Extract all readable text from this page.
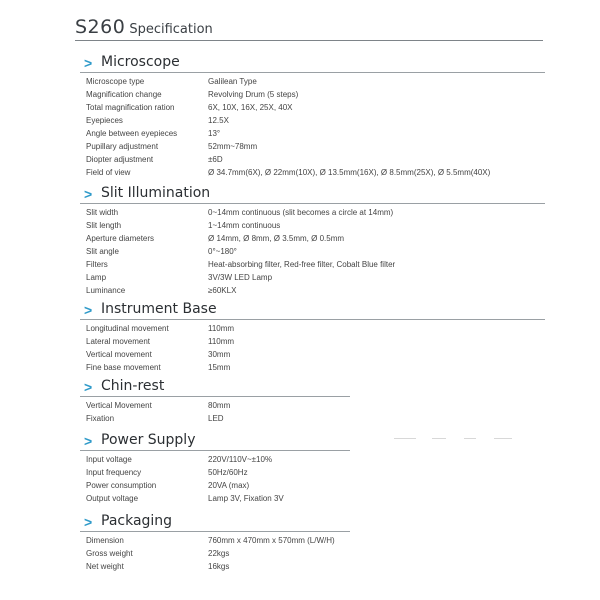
S260 Specification
> Microscope
Microscope type	Galilean Type
Magnification change	Revolving Drum (5 steps)
Total magnification ration	6X, 10X, 16X, 25X, 40X
Eyepieces	12.5X
Angle between eyepieces	13°
Pupillary adjustment	52mm~78mm
Diopter adjustment	±6D
Field of view	Ø 34.7mm(6X), Ø 22mm(10X), Ø 13.5mm(16X), Ø 8.5mm(25X), Ø 5.5mm(40X)
> Slit Illumination
Slit width	0~14mm continuous (slit becomes a circle at 14mm)
Slit length	1~14mm continuous
Aperture diameters	Ø 14mm, Ø 8mm, Ø 3.5mm, Ø 0.5mm
Slit angle	0°~180°
Filters	Heat-absorbing filter, Red-free filter, Cobalt Blue filter
Lamp	3V/3W LED Lamp
Luminance	≥60KLX
> Instrument Base
Longitudinal movement	110mm
Lateral movement	110mm
Vertical movement	30mm
Fine base movement	15mm
> Chin-rest
Vertical Movement	80mm
Fixation	LED
> Power Supply
Input voltage	220V/110V~±10%
Input frequency	50Hz/60Hz
Power consumption	20VA (max)
Output voltage	Lamp 3V, Fixation 3V
> Packaging
Dimension	760mm x 470mm x 570mm (L/W/H)
Gross weight	22kgs
Net weight	16kgs
